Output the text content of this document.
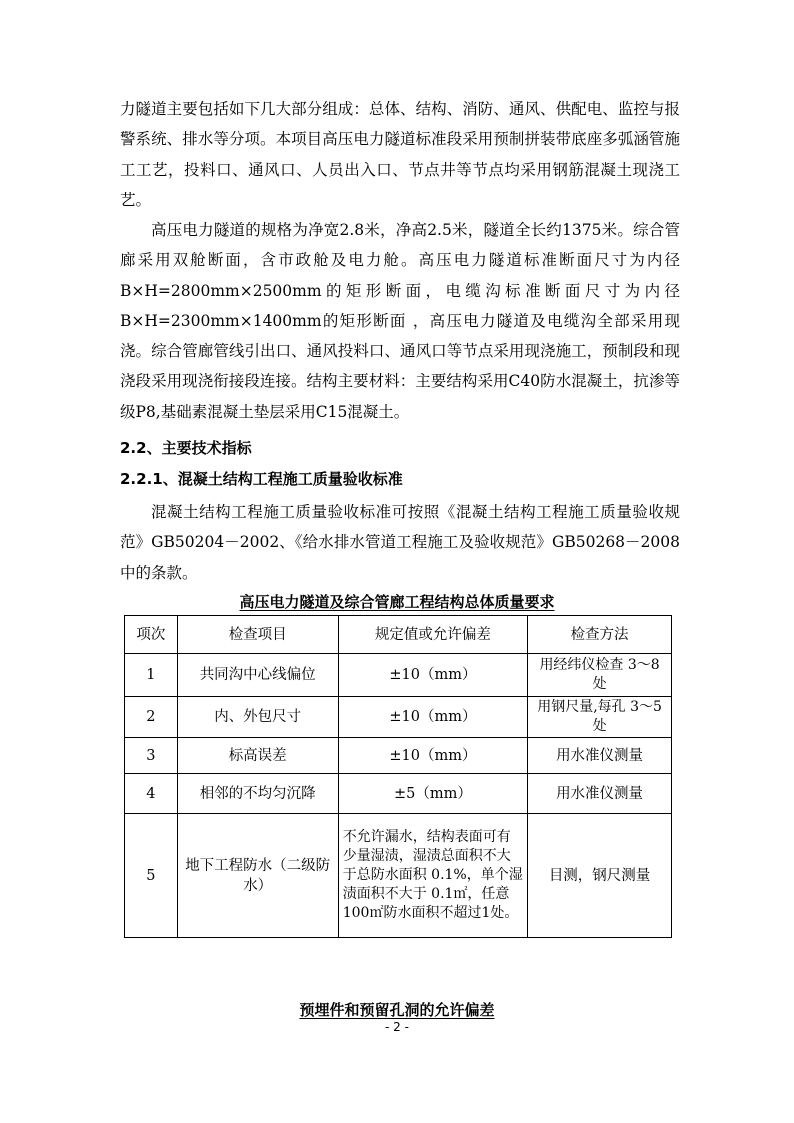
力隧道主要包括如下几大部分组成：总体、结构、消防、通风、供配电、监控与报警系统、排水等分项。本项目高压电力隧道标准段采用预制拼装带底座多弧涵管施工工艺，投料口、通风口、人员出入口、节点井等节点均采用钢筋混凝土现浇工艺。
高压电力隧道的规格为净宽2.8米，净高2.5米，隧道全长约1375米。综合管廊采用双舱断面，含市政舱及电力舱。高压电力隧道标准断面尺寸为内径B×H=2800mm×2500mm的矩形断面，电缆沟标准断面尺寸为内径B×H=2300mm×1400mm的矩形断面 ，高压电力隧道及电缆沟全部采用现浇。综合管廊管线引出口、通风投料口、通风口等节点采用现浇施工，预制段和现浇段采用现浇衔接段连接。结构主要材料：主要结构采用C40防水混凝土，抗渗等级P8,基础素混凝土垫层采用C15混凝土。
2.2、主要技术指标
2.2.1、混凝土结构工程施工质量验收标准
混凝土结构工程施工质量验收标准可按照《混凝土结构工程施工质量验收规范》GB50204－2002、《给水排水管道工程施工及验收规范》GB50268－2008中的条款。
高压电力隧道及综合管廊工程结构总体质量要求
项次	检查项目	规定值或允许偏差	检查方法
1	共同沟中心线偏位	±10（mm）	用经纬仪检查 3～8 处
2	内、外包尺寸	±10（mm）	用钢尺量,每孔 3～5 处
3	标高误差	±10（mm）	用水准仪测量
4	相邻的不均匀沉降	±5（mm）	用水准仪测量
5	地下工程防水（二级防水）	不允许漏水，结构表面可有少量湿渍，湿渍总面积不大于总防水面积 0.1%，单个湿渍面积不大于 0.1㎡，任意100㎡防水面积不超过1处。	目测，钢尺测量
预埋件和预留孔洞的允许偏差
- 2 -
